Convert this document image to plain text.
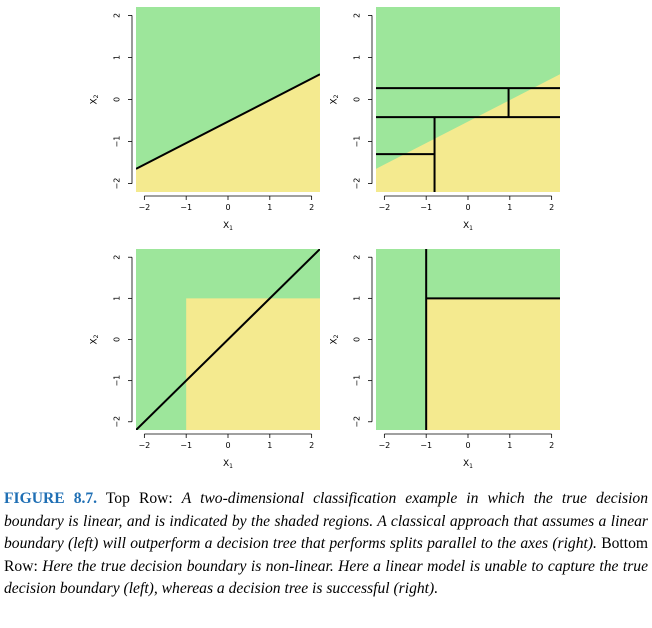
−2	−1	0	1	2
$X_1$
−2
−1
0
1
2
$X_2$
−2	−1	0	1	2
$X_1$
−2
−1
0
1
2
$X_2$
−2	−1	0	1	2
$X_1$
−2
−1
0
1
2
$X_2$
−2	−1	0	1	2
$X_1$
−2
−1
0
1
2
$X_2$
FIGURE 8.7. Top Row: A two-dimensional classification example in which the true decision boundary is linear, and is indicated by the shaded regions. A classical approach that assumes a linear boundary (left) will outperform a decision tree that performs splits parallel to the axes (right). Bottom Row: Here the true decision boundary is non-linear. Here a linear model is unable to capture the true decision boundary (left), whereas a decision tree is successful (right).
